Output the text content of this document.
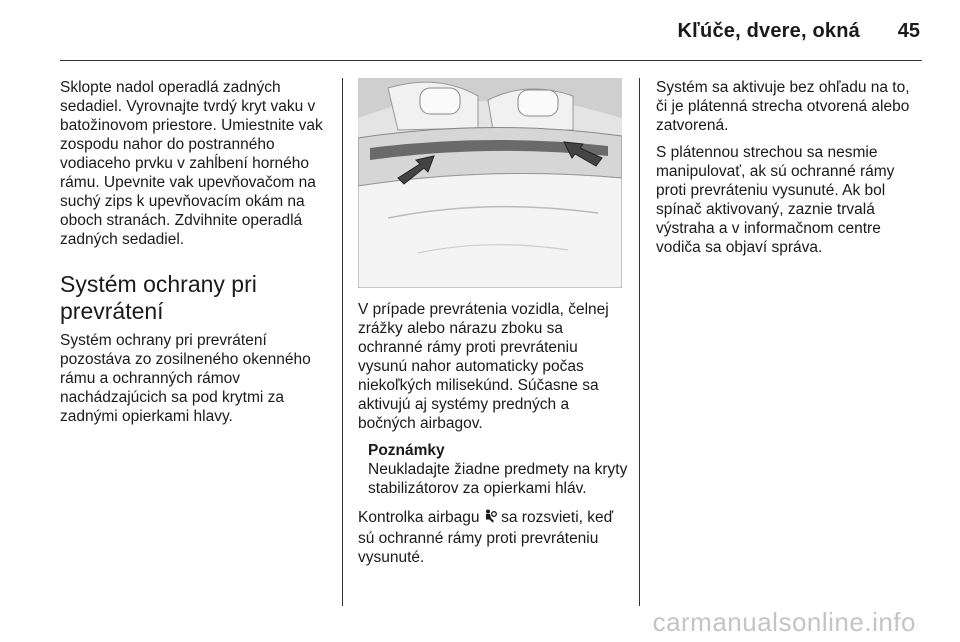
Kľúče, dvere, okná	45

Sklopte nadol operadlá zadných sedadiel. Vyrovnajte tvrdý kryt vaku v batožinovom priestore. Umiestnite vak zospodu nahor do postranného vodiaceho prvku v zahĺbení horného rámu. Upevnite vak upevňovačom na suchý zips k upevňovacím okám na oboch stranách. Zdvihnite operadlá zadných sedadiel.

Systém ochrany pri prevrátení

Systém ochrany pri prevrátení pozostáva zo zosilneného okenného rámu a ochranných rámov nachádzajúcich sa pod krytmi za zadnými opierkami hlavy.

V prípade prevrátenia vozidla, čelnej zrážky alebo nárazu zboku sa ochranné rámy proti prevráteniu vysunú nahor automaticky počas niekoľkých milisekúnd. Súčasne sa aktivujú aj systémy predných a bočných airbagov.

Poznámky
Neukladajte žiadne predmety na kryty stabilizátorov za opierkami hláv.

Kontrolka airbagu  sa rozsvieti, keď sú ochranné rámy proti prevráteniu vysunuté.

Systém sa aktivuje bez ohľadu na to, či je plátenná strecha otvorená alebo zatvorená.

S plátennou strechou sa nesmie manipulovať, ak sú ochranné rámy proti prevráteniu vysunuté. Ak bol spínač aktivovaný, zaznie trvalá výstraha a v informačnom centre vodiča sa objaví správa.

carmanualsonline.info
